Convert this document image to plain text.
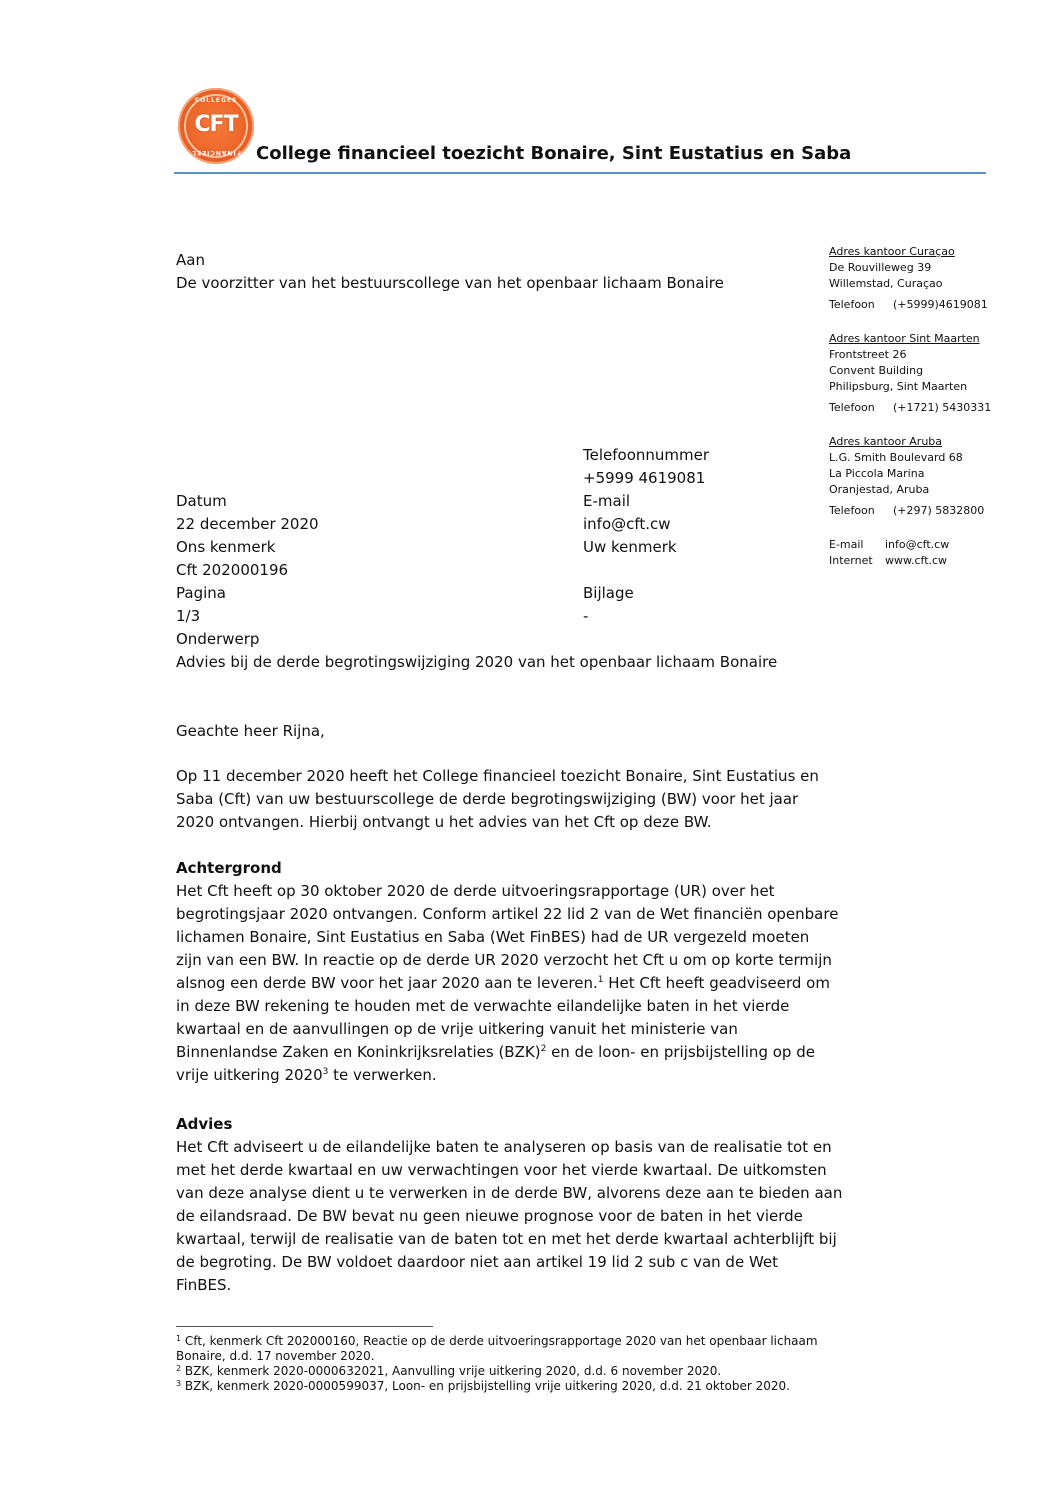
COLLEGES
CFT
FINANCIEEL College financieel toezicht Bonaire, Sint Eustatius en Saba
Aan
De voorzitter van het bestuurscollege van het openbaar lichaam Bonaire
Adres kantoor Curaçao
De Rouvilleweg 39
Willemstad, Curaçao
Telefoon (+5999)4619081
Adres kantoor Sint Maarten
Frontstreet 26
Convent Building
Philipsburg, Sint Maarten
Telefoon (+1721) 5430331
Adres kantoor Aruba
L.G. Smith Boulevard 68
La Piccola Marina
Oranjestad, Aruba
Telefoon (+297) 5832800
E-mail info@cft.cw
Internet www.cft.cw
Telefoonnummer
+5999 4619081
E-mail
info@cft.cw
Uw kenmerk
Bijlage
-
Datum
22 december 2020
Ons kenmerk
Cft 202000196
Pagina
1/3
Onderwerp
Advies bij de derde begrotingswijziging 2020 van het openbaar lichaam Bonaire
Geachte heer Rijna,
Op 11 december 2020 heeft het College financieel toezicht Bonaire, Sint Eustatius en
Saba (Cft) van uw bestuurscollege de derde begrotingswijziging (BW) voor het jaar
2020 ontvangen. Hierbij ontvangt u het advies van het Cft op deze BW.
Achtergrond
Het Cft heeft op 30 oktober 2020 de derde uitvoeringsrapportage (UR) over het
begrotingsjaar 2020 ontvangen. Conform artikel 22 lid 2 van de Wet financiën openbare
lichamen Bonaire, Sint Eustatius en Saba (Wet FinBES) had de UR vergezeld moeten
zijn van een BW. In reactie op de derde UR 2020 verzocht het Cft u om op korte termijn
alsnog een derde BW voor het jaar 2020 aan te leveren.$^1$ Het Cft heeft geadviseerd om
in deze BW rekening te houden met de verwachte eilandelijke baten in het vierde
kwartaal en de aanvullingen op de vrije uitkering vanuit het ministerie van
Binnenlandse Zaken en Koninkrijksrelaties (BZK)$^2$ en de loon- en prijsbijstelling op de
vrije uitkering 2020$^3$ te verwerken.
Advies
Het Cft adviseert u de eilandelijke baten te analyseren op basis van de realisatie tot en
met het derde kwartaal en uw verwachtingen voor het vierde kwartaal. De uitkomsten
van deze analyse dient u te verwerken in de derde BW, alvorens deze aan te bieden aan
de eilandsraad. De BW bevat nu geen nieuwe prognose voor de baten in het vierde
kwartaal, terwijl de realisatie van de baten tot en met het derde kwartaal achterblijft bij
de begroting. De BW voldoet daardoor niet aan artikel 19 lid 2 sub c van de Wet
FinBES.
$^1$ Cft, kenmerk Cft 202000160, Reactie op de derde uitvoeringsrapportage 2020 van het openbaar lichaam
Bonaire, d.d. 17 november 2020.
$^2$ BZK, kenmerk 2020-0000632021, Aanvulling vrije uitkering 2020, d.d. 6 november 2020.
$^3$ BZK, kenmerk 2020-0000599037, Loon- en prijsbijstelling vrije uitkering 2020, d.d. 21 oktober 2020.
